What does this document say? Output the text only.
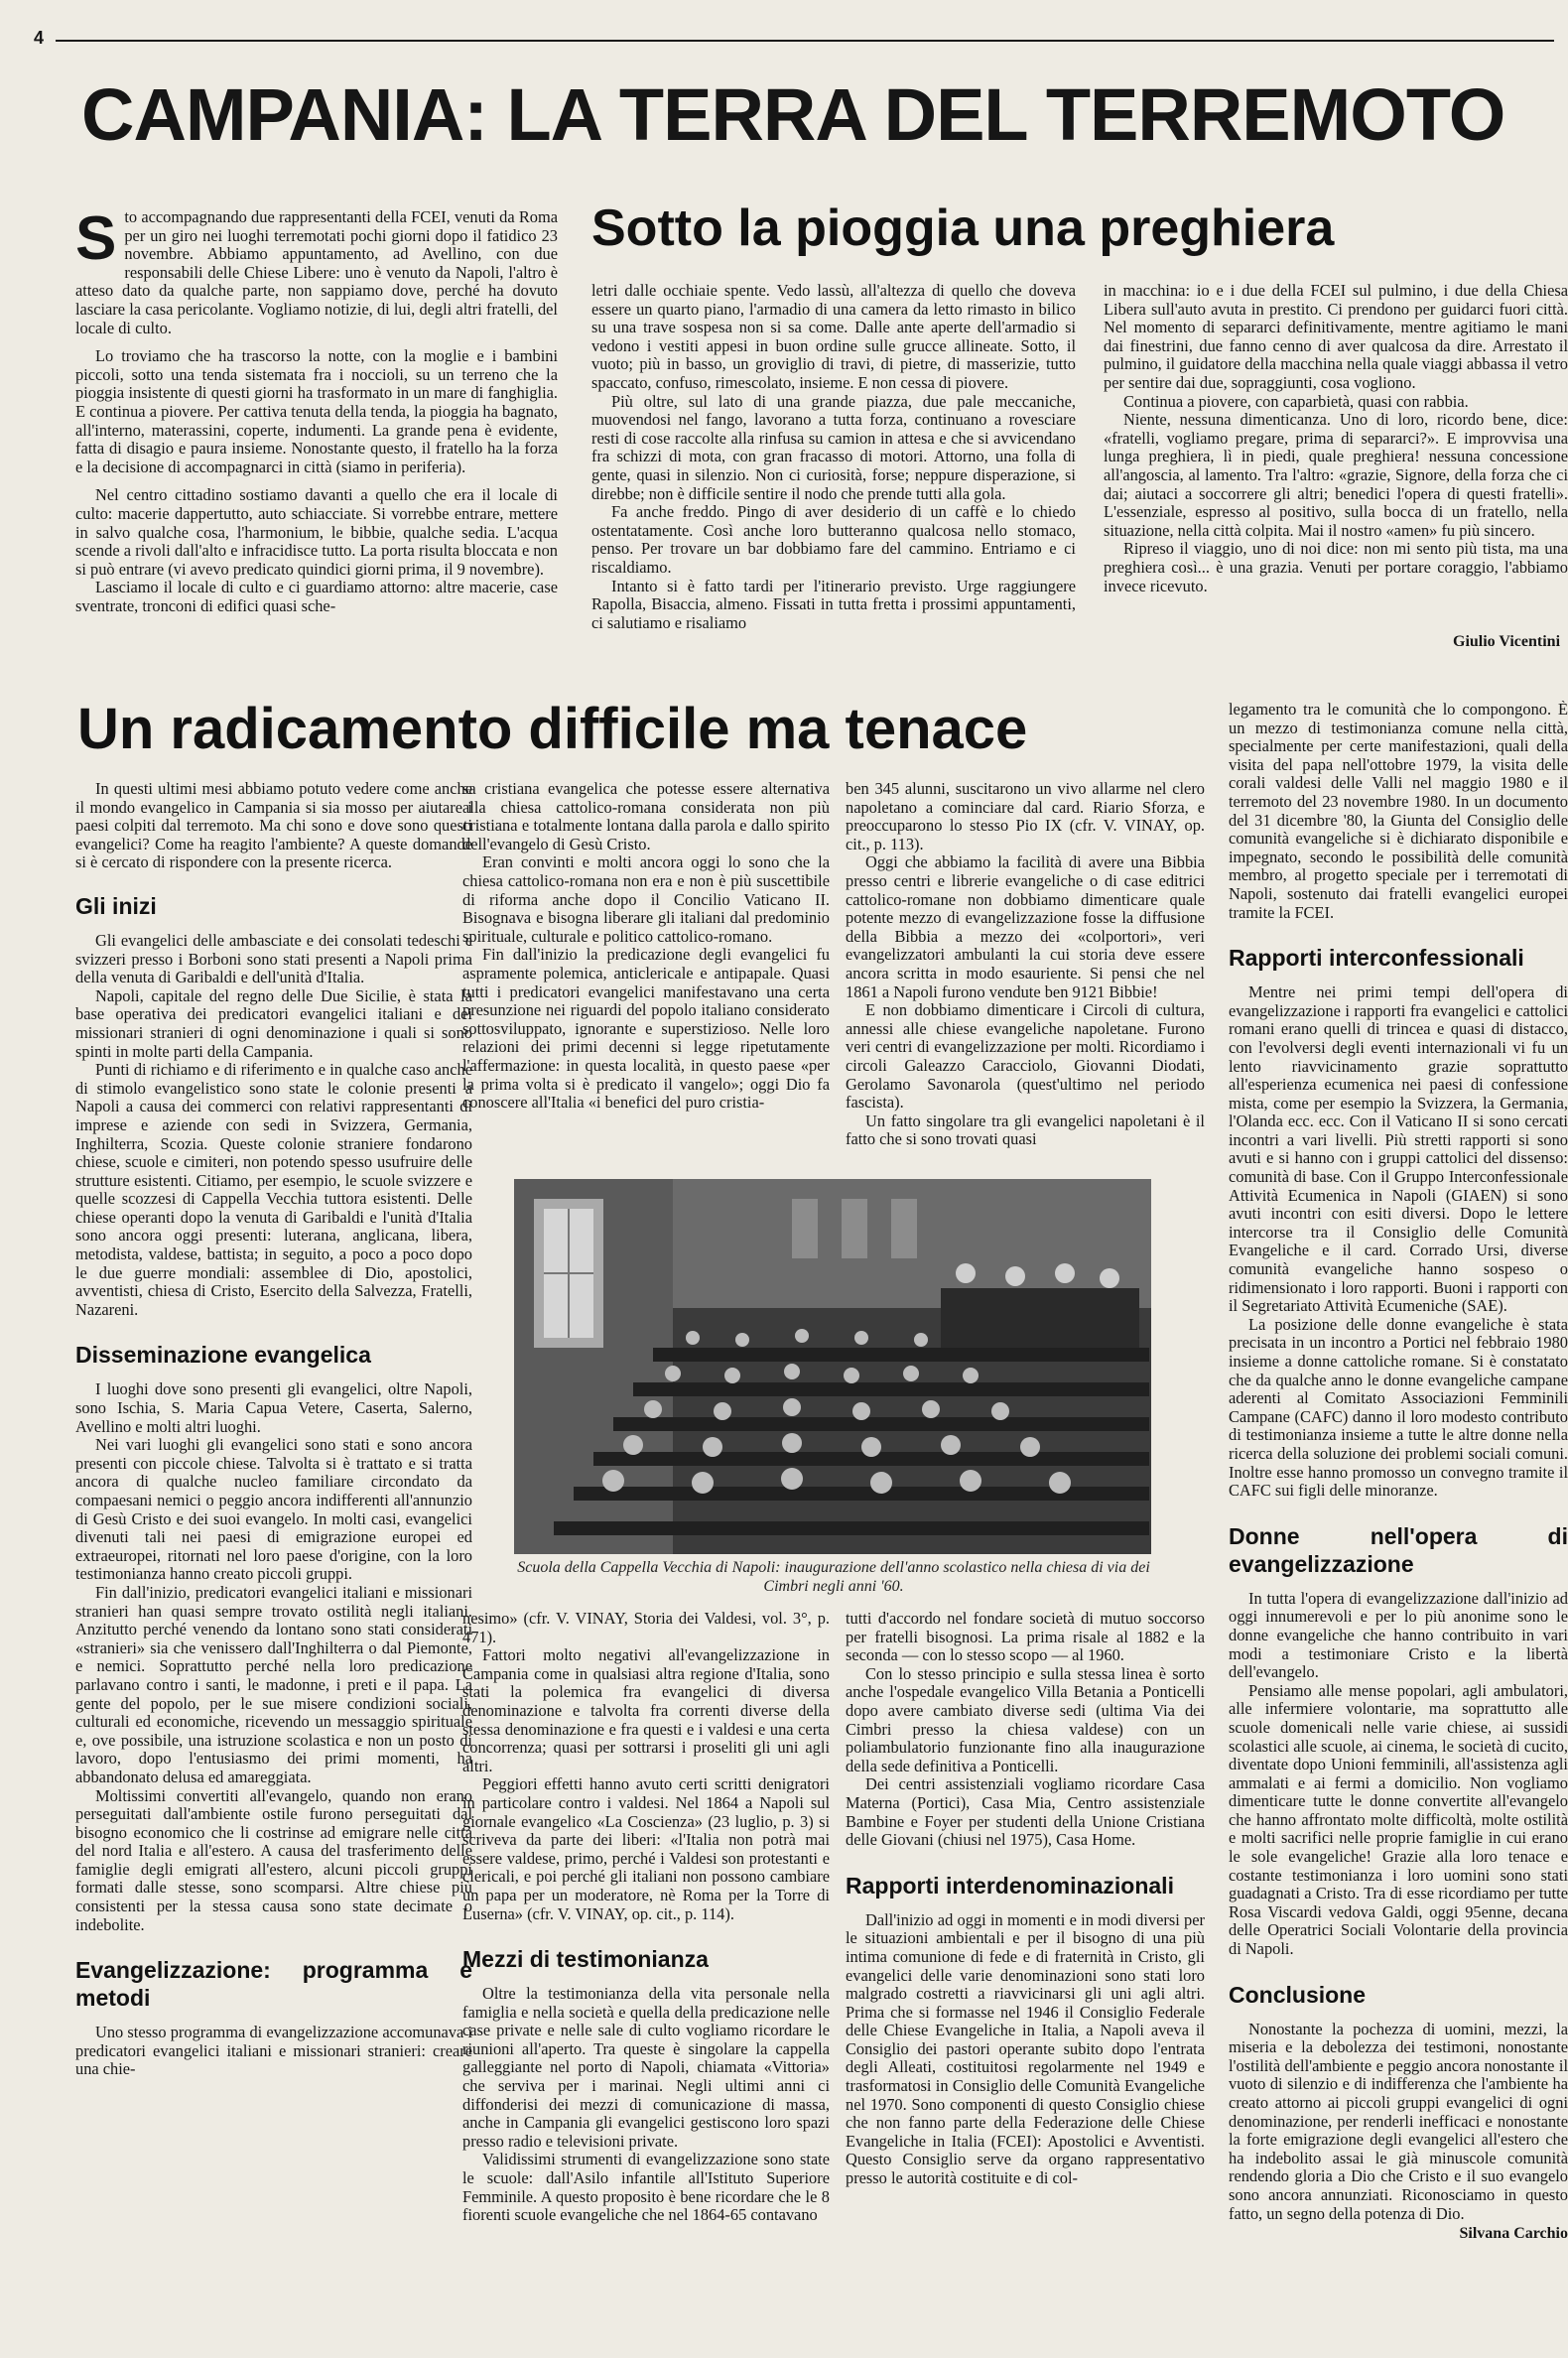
4
CAMPANIA: LA TERRA DEL TERREMOTO
Sotto la pioggia una preghiera
S to accompagnando due rappresentanti della FCEI, venuti da Roma per un giro nei luoghi terremotati pochi giorni dopo il fatidico 23 novembre. Abbiamo appuntamento, ad Avellino, con due responsabili delle Chiese Libere: uno è venuto da Napoli, l'altro è atteso dato da qualche parte, non sappiamo dove, perché ha dovuto lasciare la casa pericolante. Vogliamo notizie, di lui, degli altri fratelli, del locale di culto.

Lo troviamo che ha trascorso la notte, con la moglie e i bambini piccoli, sotto una tenda sistemata fra i noccioli, su un terreno che la pioggia insistente di questi giorni ha trasformato in un mare di fanghiglia. E continua a piovere. Per cattiva tenuta della tenda, la pioggia ha bagnato, all'interno, materassini, coperte, indumenti. La grande pena è evidente, fatta di disagio e paura insieme. Nonostante questo, il fratello ha la forza e la decisione di accompagnarci in città (siamo in periferia).

Nel centro cittadino sostiamo davanti a quello che era il locale di culto: macerie dappertutto, auto schiacciate. Si vorrebbe entrare, mettere in salvo qualche cosa, l'harmonium, le bibbie, qualche sedia. L'acqua scende a rivoli dall'alto e infracidisce tutto. La porta risulta bloccata e non si può entrare (vi avevo predicato quindici giorni prima, il 9 novembre).

Lasciamo il locale di culto e ci guardiamo attorno: altre macerie, case sventrate, tronconi di edifici quasi sche-

letri dalle occhiaie spente. Vedo lassù, all'altezza di quello che doveva essere un quarto piano, l'armadio di una camera da letto rimasto in bilico su una trave sospesa non si sa come. Dalle ante aperte dell'armadio si vedono i vestiti appesi in buon ordine sulle grucce allineate. Sotto, il vuoto; più in basso, un groviglio di travi, di pietre, di masserizie, tutto spaccato, confuso, rimescolato, insieme. E non cessa di piovere.

Più oltre, sul lato di una grande piazza, due pale meccaniche, muovendosi nel fango, lavorano a tutta forza, continuano a rovesciare resti di cose raccolte alla rinfusa su camion in attesa e che si avvicendano fra schizzi di mota, con gran fracasso di motori. Attorno, una folla di gente, quasi in silenzio. Non ci curiosità, forse; neppure disperazione, si direbbe; non è difficile sentire il nodo che prende tutti alla gola.

Fa anche freddo. Pingo di aver desiderio di un caffè e lo chiedo ostentatamente. Così anche loro butteranno qualcosa nello stomaco, penso. Per trovare un bar dobbiamo fare del cammino. Entriamo e ci riscaldiamo.

Intanto si è fatto tardi per l'itinerario previsto. Urge raggiungere Rapolla, Bisaccia, almeno. Fissati in tutta fretta i prossimi appuntamenti, ci salutiamo e risaliamo

in macchina: io e i due della FCEI sul pulmino, i due della Chiesa Libera sull'auto avuta in prestito. Ci prendono per guidarci fuori città. Nel momento di separarci definitivamente, mentre agitiamo le mani dai finestrini, due fanno cenno di aver qualcosa da dire. Arrestato il pulmino, il guidatore della macchina nella quale viaggi abbassa il vetro per sentire dai due, sopraggiunti, cosa vogliono.

Continua a piovere, con caparbietà, quasi con rabbia.

Niente, nessuna dimenticanza. Uno di loro, ricordo bene, dice: «fratelli, vogliamo pregare, prima di separarci?». E improvvisa una lunga preghiera, lì in piedi, quale preghiera! nessuna concessione all'angoscia, al lamento. Tra l'altro: «grazie, Signore, della forza che ci dai; aiutaci a soccorrere gli altri; benedici l'opera di questi fratelli». L'essenziale, espresso al positivo, sulla bocca di un fratello, nella situazione, nella città colpita. Mai il nostro «amen» fu più sincero.

Ripreso il viaggio, uno di noi dice: non mi sento più tista, ma una preghiera così... è una grazia. Venuti per portare coraggio, l'abbiamo invece ricevuto.

Giulio Vicentini
Un radicamento difficile ma tenace

In questi ultimi mesi abbiamo potuto vedere come anche il mondo evangelico in Campania si sia mosso per aiutare i paesi colpiti dal terremoto. Ma chi sono e dove sono questi evangelici? Come ha reagito l'ambiente? A queste domande si è cercato di rispondere con la presente ricerca.

Gli inizi

Gli evangelici delle ambasciate e dei consolati tedeschi e svizzeri presso i Borboni sono stati presenti a Napoli prima della venuta di Garibaldi e dell'unità d'Italia.

Napoli, capitale del regno delle Due Sicilie, è stata la base operativa dei predicatori evangelici italiani e dei missionari stranieri di ogni denominazione i quali si sono spinti in molte parti della Campania.

Punti di richiamo e di riferimento e in qualche caso anche di stimolo evangelistico sono state le colonie presenti a Napoli a causa dei commerci con relativi rappresentanti di imprese e aziende con sedi in Svizzera, Germania, Inghilterra, Scozia. Queste colonie straniere fondarono chiese, scuole e cimiteri, non potendo spesso usufruire delle strutture esistenti. Citiamo, per esempio, le scuole svizzere e quelle scozzesi di Cappella Vecchia tuttora esistenti. Delle chiese operanti dopo la venuta di Garibaldi e l'unità d'Italia sono ancora oggi presenti: luterana, anglicana, libera, metodista, valdese, battista; in seguito, a poco a poco dopo le due guerre mondiali: assemblee di Dio, apostolici, avventisti, chiesa di Cristo, Esercito della Salvezza, Fratelli, Nazareni.

Disseminazione evangelica

I luoghi dove sono presenti gli evangelici, oltre Napoli, sono Ischia, S. Maria Capua Vetere, Caserta, Salerno, Avellino e molti altri luoghi.

Nei vari luoghi gli evangelici sono stati e sono ancora presenti con piccole chiese. Talvolta si è trattato e si tratta ancora di qualche nucleo familiare circondato da compaesani nemici o peggio ancora indifferenti all'annunzio di Gesù Cristo e dei suoi evangelo. In molti casi, evangelici divenuti tali nei paesi di emigrazione europei ed extraeuropei, ritornati nel loro paese d'origine, con la loro testimonianza hanno creato piccoli gruppi.

Fin dall'inizio, predicatori evangelici italiani e missionari stranieri han quasi sempre trovato ostilità negli italiani. Anzitutto perché venendo da lontano sono stati considerati «stranieri» sia che venissero dall'Inghilterra o dal Piemonte, e nemici. Soprattutto perché nella loro predicazione parlavano contro i santi, le madonne, i preti e il papa. La gente del popolo, per le sue misere condizioni sociali, culturali ed economiche, ricevendo un messaggio spirituale e, ove possibile, una istruzione scolastica e non un posto di lavoro, dopo l'entusiasmo dei primi momenti, ha abbandonato delusa ed amareggiata.

Moltissimi convertiti all'evangelo, quando non erano perseguitati dall'ambiente ostile furono perseguitati dal bisogno economico che li costrinse ad emigrare nelle città del nord Italia e all'estero. A causa del trasferimento delle famiglie degli emigrati all'estero, alcuni piccoli gruppi formati dalle stesse, sono scomparsi. Altre chiese più consistenti per la stessa causa sono state decimate o indebolite.

Evangelizzazione: programma e metodi

Uno stesso programma di evangelizzazione accomunava i predicatori evangelici italiani e missionari stranieri: creare una chie-

sa cristiana evangelica che potesse essere alternativa alla chiesa cattolico-romana considerata non più cristiana e totalmente lontana dalla parola e dallo spirito dell'evangelo di Gesù Cristo.

Eran convinti e molti ancora oggi lo sono che la chiesa cattolico-romana non era e non è più suscettibile di riforma anche dopo il Concilio Vaticano II. Bisognava e bisogna liberare gli italiani dal predominio spirituale, culturale e politico cattolico-romano.

Fin dall'inizio la predicazione degli evangelici fu aspramente polemica, anticlericale e antipapale. Quasi tutti i predicatori evangelici manifestavano una certa presunzione nei riguardi del popolo italiano considerato sottosviluppato, ignorante e superstizioso. Nelle loro relazioni dei primi decenni si legge ripetutamente l'affermazione: in questa località, in questo paese «per la prima volta si è predicato il vangelo»; oggi Dio fa conoscere all'Italia «i benefici del puro cristia-

ben 345 alunni, suscitarono un vivo allarme nel clero napoletano a cominciare dal card. Riario Sforza, e preoccuparono lo stesso Pio IX (cfr. V. VINAY, op. cit., p. 113).

Oggi che abbiamo la facilità di avere una Bibbia presso centri e librerie evangeliche o di case editrici cattolico-romane non dobbiamo dimenticare quale potente mezzo di evangelizzazione fosse la diffusione della Bibbia a mezzo dei «colportori», veri evangelizzatori ambulanti la cui storia deve essere ancora scritta in modo esauriente. Si pensi che nel 1861 a Napoli furono vendute ben 9121 Bibbie!

E non dobbiamo dimenticare i Circoli di cultura, annessi alle chiese evangeliche napoletane. Furono veri centri di evangelizzazione per molti. Ricordiamo i circoli Galeazzo Caracciolo, Giovanni Diodati, Gerolamo Savonarola (quest'ultimo nel periodo fascista).

Un fatto singolare tra gli evangelici napoletani è il fatto che si sono trovati quasi

Scuola della Cappella Vecchia di Napoli: inaugurazione dell'anno scolastico nella chiesa di via dei Cimbri negli anni '60.

nesimo» (cfr. V. VINAY, Storia dei Valdesi, vol. 3°, p. 471).

Fattori molto negativi all'evangelizzazione in Campania come in qualsiasi altra regione d'Italia, sono stati la polemica fra evangelici di diversa denominazione e talvolta fra correnti diverse della stessa denominazione e fra questi e i valdesi e una certa concorrenza; quasi per sottrarsi i proseliti gli uni agli altri.

Peggiori effetti hanno avuto certi scritti denigratori in particolare contro i valdesi. Nel 1864 a Napoli sul giornale evangelico «La Coscienza» (23 luglio, p. 3) si scriveva da parte dei liberi: «l'Italia non potrà mai essere valdese, primo, perché i Valdesi son protestanti e clericali, e poi perché gli italiani non possono cambiare un papa per un moderatore, nè Roma per la Torre di Luserna» (cfr. V. VINAY, op. cit., p. 114).

Mezzi di testimonianza

Oltre la testimonianza della vita personale nella famiglia e nella società e quella della predicazione nelle case private e nelle sale di culto vogliamo ricordare le riunioni all'aperto. Tra queste è singolare la cappella galleggiante nel porto di Napoli, chiamata «Vittoria» che serviva per i marinai. Negli ultimi anni ci diffonderisi dei mezzi di comunicazione di massa, anche in Campania gli evangelici gestiscono loro spazi presso radio e televisioni private.

Validissimi strumenti di evangelizzazione sono state le scuole: dall'Asilo infantile all'Istituto Superiore Femminile. A questo proposito è bene ricordare che le 8 fiorenti scuole evangeliche che nel 1864-65 contavano

tutti d'accordo nel fondare società di mutuo soccorso per fratelli bisognosi. La prima risale al 1882 e la seconda — con lo stesso scopo — al 1960.

Con lo stesso principio e sulla stessa linea è sorto anche l'ospedale evangelico Villa Betania a Ponticelli dopo avere cambiato diverse sedi (ultima Via dei Cimbri presso la chiesa valdese) con un poliambulatorio funzionante fino alla inaugurazione della sede definitiva a Ponticelli.

Dei centri assistenziali vogliamo ricordare Casa Materna (Portici), Casa Mia, Centro assistenziale Bambine e Foyer per studenti della Unione Cristiana delle Giovani (chiusi nel 1975), Casa Home.

Rapporti interdenominazionali

Dall'inizio ad oggi in momenti e in modi diversi per le situazioni ambientali e per il bisogno di una più intima comunione di fede e di fraternità in Cristo, gli evangelici delle varie denominazioni sono stati loro malgrado costretti a riavvicinarsi gli uni agli altri. Prima che si formasse nel 1946 il Consiglio Federale delle Chiese Evangeliche in Italia, a Napoli aveva il Consiglio dei pastori operante subito dopo l'entrata degli Alleati, costituitosi regolarmente nel 1949 e trasformatosi in Consiglio delle Comunità Evangeliche nel 1970. Sono componenti di questo Consiglio chiese che non fanno parte della Federazione delle Chiese Evangeliche in Italia (FCEI): Apostolici e Avventisti. Questo Consiglio serve da organo rappresentativo presso le autorità costituite e di col-

legamento tra le comunità che lo compongono. È un mezzo di testimonianza comune nella città, specialmente per certe manifestazioni, quali della visita del papa nell'ottobre 1979, la visita delle corali valdesi delle Valli nel maggio 1980 e il terremoto del 23 novembre 1980. In un documento del 31 dicembre '80, la Giunta del Consiglio delle comunità evangeliche si è dichiarato disponibile e impegnato, secondo le possibilità delle comunità membro, al progetto speciale per i terremotati di Napoli, sostenuto dai fratelli evangelici europei tramite la FCEI.

Rapporti interconfessionali

Mentre nei primi tempi dell'opera di evangelizzazione i rapporti fra evangelici e cattolici romani erano quelli di trincea e quasi di distacco, con l'evolversi degli eventi internazionali vi fu un lento riavvicinamento grazie soprattutto all'esperienza ecumenica nei paesi di confessione mista, come per esempio la Svizzera, la Germania, l'Olanda ecc. ecc. Con il Vaticano II si sono cercati incontri a vari livelli. Più stretti rapporti si sono avuti e si hanno con i gruppi cattolici del dissenso: comunità di base. Con il Gruppo Interconfessionale Attività Ecumenica in Napoli (GIAEN) si sono avuti incontri con esiti diversi. Dopo le lettere intercorse tra il Consiglio delle Comunità Evangeliche e il card. Corrado Ursi, diverse comunità evangeliche hanno sospeso o ridimensionato i loro rapporti. Buoni i rapporti con il Segretariato Attività Ecumeniche (SAE).

La posizione delle donne evangeliche è stata precisata in un incontro a Portici nel febbraio 1980 insieme a donne cattoliche romane. Si è constatato che da qualche anno le donne evangeliche campane aderenti al Comitato Associazioni Femminili Campane (CAFC) danno il loro modesto contributo di testimonianza insieme a tutte le altre donne nella ricerca della soluzione dei problemi sociali comuni. Inoltre esse hanno promosso un convegno tramite il CAFC sui figli delle minoranze.

Donne nell'opera di evangelizzazione

In tutta l'opera di evangelizzazione dall'inizio ad oggi innumerevoli e per lo più anonime sono le donne evangeliche che hanno contribuito in vari modi a testimoniare Cristo e la libertà dell'evangelo.

Pensiamo alle mense popolari, agli ambulatori, alle infermiere volontarie, ma soprattutto alle scuole domenicali nelle varie chiese, ai sussidi scolastici alle scuole, ai cinema, le società di cucito, diventate dopo Unioni femminili, all'assistenza agli ammalati e ai fermi a domicilio. Non vogliamo dimenticare tutte le donne convertite all'evangelo che hanno affrontato molte difficoltà, molte ostilità e molti sacrifici nelle proprie famiglie in cui erano le sole evangeliche! Grazie alla loro tenace e costante testimonianza i loro uomini sono stati guadagnati a Cristo. Tra di esse ricordiamo per tutte Rosa Viscardi vedova Galdi, oggi 95enne, decana delle Operatrici Sociali Volontarie della provincia di Napoli.

Conclusione

Nonostante la pochezza di uomini, mezzi, la miseria e la debolezza dei testimoni, nonostante l'ostilità dell'ambiente e peggio ancora nonostante il vuoto di silenzio e di indifferenza che l'ambiente ha creato attorno ai piccoli gruppi evangelici di ogni denominazione, per renderli inefficaci e nonostante la forte emigrazione degli evangelici all'estero che ha indebolito assai le già minuscole comunità rendendo gloria a Dio che Cristo e il suo evangelo sono ancora annunziati. Riconosciamo in questo fatto, un segno della potenza di Dio.

Silvana Carchio
